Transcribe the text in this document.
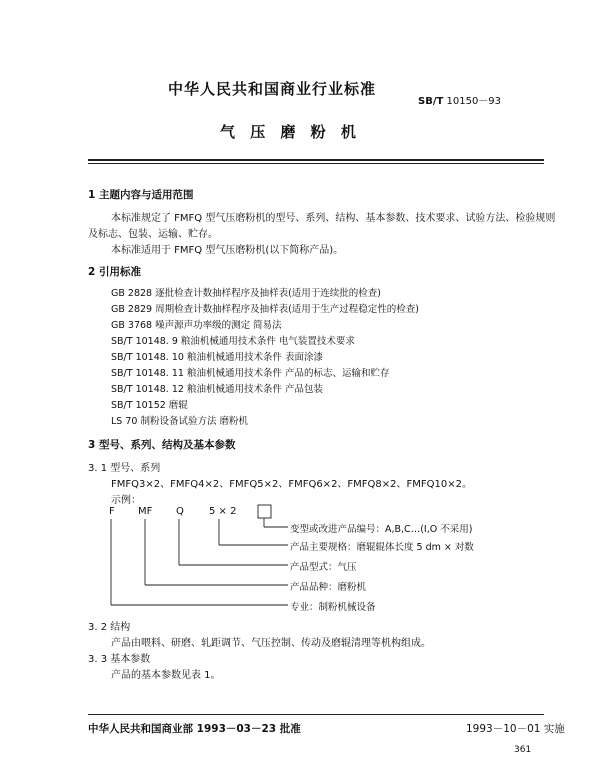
中华人民共和国商业行业标准
SB/T 10150－93
气 压 磨 粉 机
1 主题内容与适用范围
本标准规定了 FMFQ 型气压磨粉机的型号、系列、结构、基本参数、技术要求、试验方法、检验规则
及标志、包装、运输、贮存。
本标准适用于 FMFQ 型气压磨粉机(以下简称产品)。
2 引用标准
GB 2828 逐批检查计数抽样程序及抽样表(适用于连续批的检查)
GB 2829 周期检查计数抽样程序及抽样表(适用于生产过程稳定性的检查)
GB 3768 噪声源声功率级的测定 简易法
SB/T 10148. 9 粮油机械通用技术条件 电气装置技术要求
SB/T 10148. 10 粮油机械通用技术条件 表面涂漆
SB/T 10148. 11 粮油机械通用技术条件 产品的标志、运输和贮存
SB/T 10148. 12 粮油机械通用技术条件 产品包装
SB/T 10152 磨辊
LS 70 制粉设备试验方法 磨粉机
3 型号、系列、结构及基本参数
3. 1 型号、系列
FMFQ3×2、FMFQ4×2、FMFQ5×2、FMFQ6×2、FMFQ8×2、FMFQ10×2。
示例：
F MF Q	5 × 2
变型或改进产品编号：A,B,C…(I,O 不采用)
产品主要规格：磨辊辊体长度 5 dm × 对数
产品型式：气压
产品品种：磨粉机
专业：制粉机械设备
3. 2 结构
产品由喂料、研磨、轧距调节、气压控制、传动及磨辊清理等机构组成。
3. 3 基本参数
产品的基本参数见表 1。
中华人民共和国商业部 1993－03－23 批准	1993－10－01 实施
361
